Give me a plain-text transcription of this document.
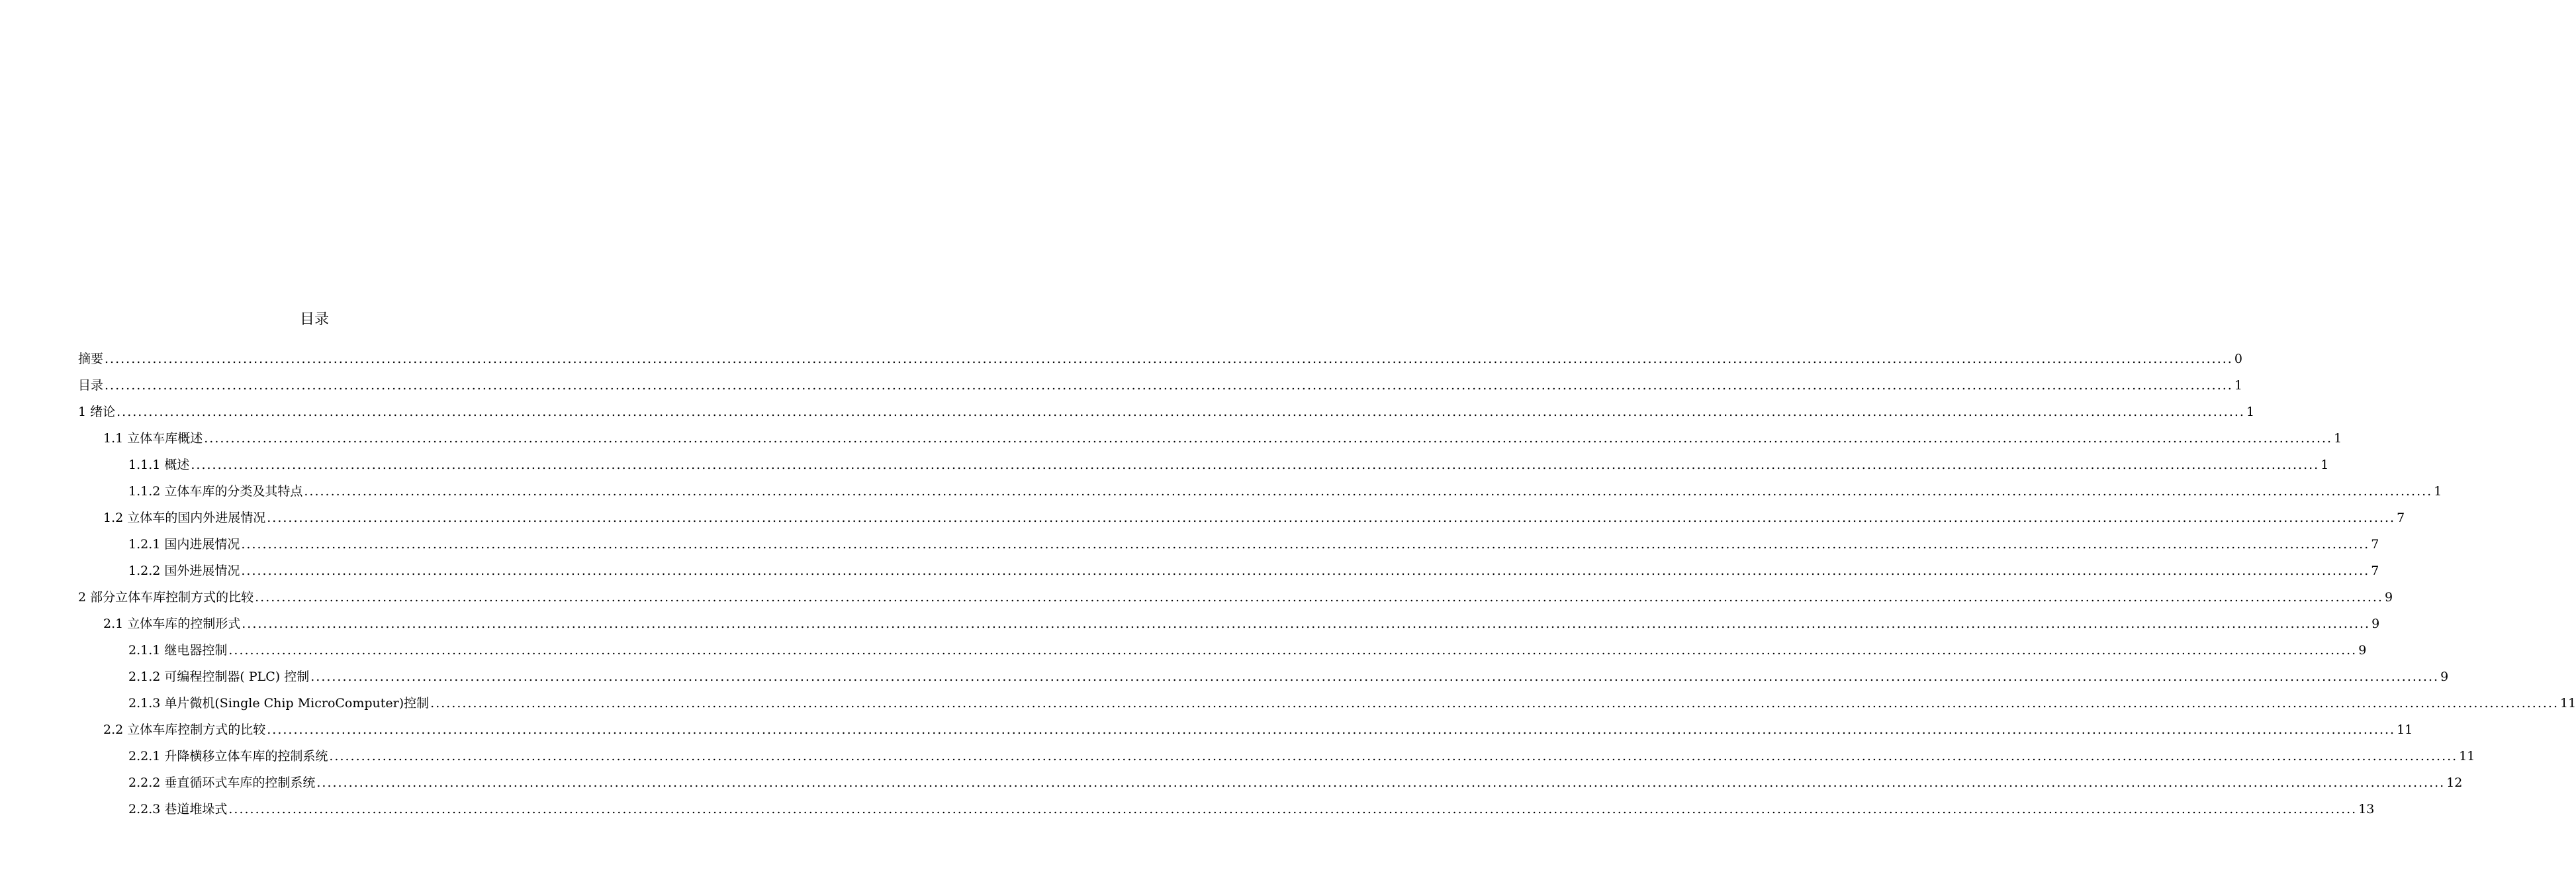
目录
摘要 ................................................................................................................................................................................................................................................................................................................................................................................................................ 0
目录 ................................................................................................................................................................................................................................................................................................................................................................................................................ 1
1 绪论 ................................................................................................................................................................................................................................................................................................................................................................................................................ 1
1.1 立体车库概述 ................................................................................................................................................................................................................................................................................................................................................................................................................ 1
1.1.1 概述 ................................................................................................................................................................................................................................................................................................................................................................................................................ 1
1.1.2 立体车库的分类及其特点 ................................................................................................................................................................................................................................................................................................................................................................................................................ 1
1.2 立体车的国内外进展情况 ................................................................................................................................................................................................................................................................................................................................................................................................................ 7
1.2.1 国内进展情况 ................................................................................................................................................................................................................................................................................................................................................................................................................ 7
1.2.2 国外进展情况 ................................................................................................................................................................................................................................................................................................................................................................................................................ 7
2 部分立体车库控制方式的比较 ................................................................................................................................................................................................................................................................................................................................................................................................................ 9
2.1 立体车库的控制形式 ................................................................................................................................................................................................................................................................................................................................................................................................................ 9
2.1.1 继电器控制 ................................................................................................................................................................................................................................................................................................................................................................................................................ 9
2.1.2 可编程控制器( PLC) 控制 ................................................................................................................................................................................................................................................................................................................................................................................................................ 9
2.1.3 单片微机(Single Chip MicroComputer)控制 ................................................................................................................................................................................................................................................................................................................................................................................................................ 11
2.2 立体车库控制方式的比较 ................................................................................................................................................................................................................................................................................................................................................................................................................ 11
2.2.1 升降横移立体车库的控制系统 ................................................................................................................................................................................................................................................................................................................................................................................................................ 11
2.2.2 垂直循环式车库的控制系统 ................................................................................................................................................................................................................................................................................................................................................................................................................ 12
2.2.3 巷道堆垛式 ................................................................................................................................................................................................................................................................................................................................................................................................................ 13
